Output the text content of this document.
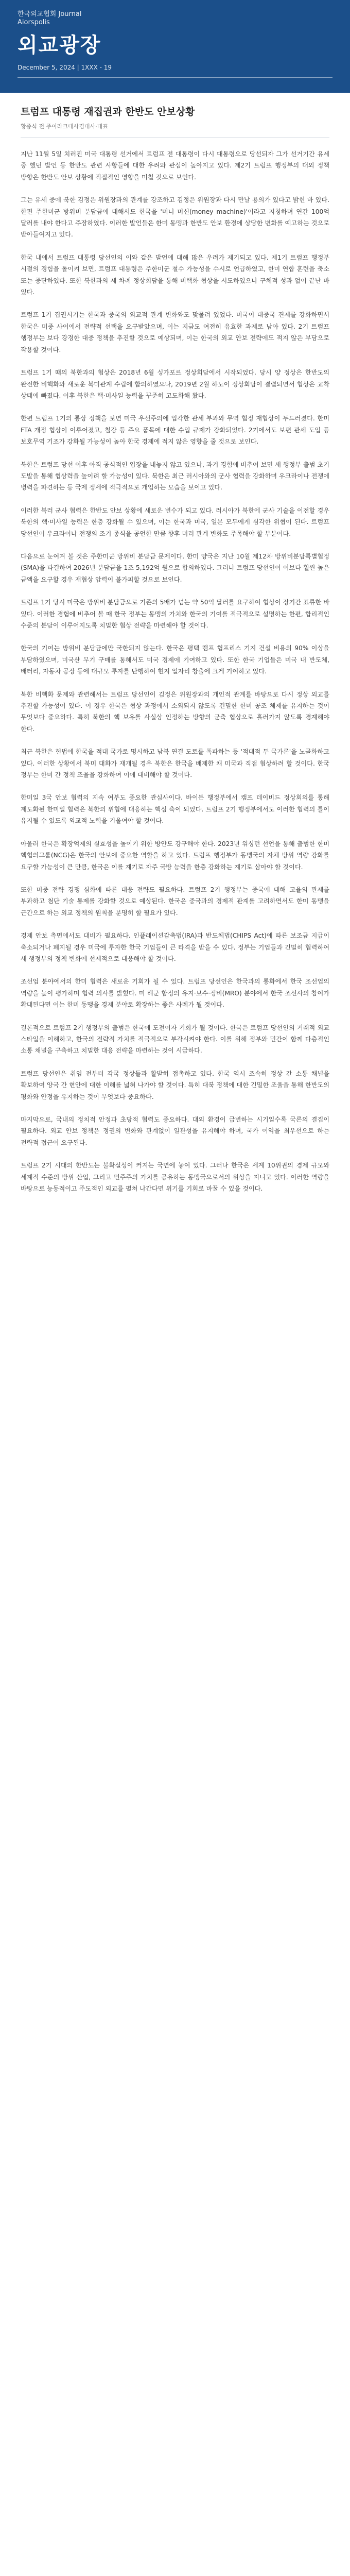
한국외교협회 Journal
Aiorspolis
외교광장
December 5, 2024 | 1XXX - 19
트럼프 대통령 재집권과 한반도 안보상황
황종식 전 주이라크대사겸대사·대표

지난 11월 5일 치러진 미국 대통령 선거에서 트럼프 전 대통령이 다시 대통령으로 당선되자 그가 선거기간 유세 중 했던 발언 등 한반도 관련 사항들에 대한 우려와 관심이 높아지고 있다. 제2기 트럼프 행정부의 대외 정책 방향은 한반도 안보 상황에 직접적인 영향을 미칠 것으로 보인다.

그는 유세 중에 북한 김정은 위원장과의 관계를 강조하고 김정은 위원장과 다시 만날 용의가 있다고 밝힌 바 있다. 한편 주한미군 방위비 분담금에 대해서도 한국을 '머니 머신(money machine)'이라고 지칭하며 연간 100억 달러를 내야 한다고 주장하였다. 이러한 발언들은 한미 동맹과 한반도 안보 환경에 상당한 변화를 예고하는 것으로 받아들여지고 있다.

한국 내에서 트럼프 대통령 당선인의 이와 같은 발언에 대해 많은 우려가 제기되고 있다. 제1기 트럼프 행정부 시절의 경험을 돌이켜 보면, 트럼프 대통령은 주한미군 철수 가능성을 수시로 언급하였고, 한미 연합 훈련을 축소 또는 중단하였다. 또한 북한과의 세 차례 정상회담을 통해 비핵화 협상을 시도하였으나 구체적 성과 없이 끝난 바 있다.

트럼프 1기 집권시기는 한국과 중국의 외교적 관계 변화와도 맞물려 있었다. 미국이 대중국 견제를 강화하면서 한국은 미중 사이에서 전략적 선택을 요구받았으며, 이는 지금도 여전히 유효한 과제로 남아 있다. 2기 트럼프 행정부는 보다 강경한 대중 정책을 추진할 것으로 예상되며, 이는 한국의 외교 안보 전략에도 적지 않은 부담으로 작용할 것이다.

트럼프 1기 때의 북한과의 협상은 2018년 6월 싱가포르 정상회담에서 시작되었다. 당시 양 정상은 한반도의 완전한 비핵화와 새로운 북미관계 수립에 합의하였으나, 2019년 2월 하노이 정상회담이 결렬되면서 협상은 교착 상태에 빠졌다. 이후 북한은 핵·미사일 능력을 꾸준히 고도화해 왔다.

한편 트럼프 1기의 통상 정책을 보면 미국 우선주의에 입각한 관세 부과와 무역 협정 재협상이 두드러졌다. 한미 FTA 개정 협상이 이루어졌고, 철강 등 주요 품목에 대한 수입 규제가 강화되었다. 2기에서도 보편 관세 도입 등 보호무역 기조가 강화될 가능성이 높아 한국 경제에 적지 않은 영향을 줄 것으로 보인다.

북한은 트럼프 당선 이후 아직 공식적인 입장을 내놓지 않고 있으나, 과거 경험에 비추어 보면 새 행정부 출범 초기 도발을 통해 협상력을 높이려 할 가능성이 있다. 북한은 최근 러시아와의 군사 협력을 강화하며 우크라이나 전쟁에 병력을 파견하는 등 국제 정세에 적극적으로 개입하는 모습을 보이고 있다.

이러한 북러 군사 협력은 한반도 안보 상황에 새로운 변수가 되고 있다. 러시아가 북한에 군사 기술을 이전할 경우 북한의 핵·미사일 능력은 한층 강화될 수 있으며, 이는 한국과 미국, 일본 모두에게 심각한 위협이 된다. 트럼프 당선인이 우크라이나 전쟁의 조기 종식을 공언한 만큼 향후 미러 관계 변화도 주목해야 할 부분이다.

다음으로 눈여겨 볼 것은 주한미군 방위비 분담금 문제이다. 한미 양국은 지난 10월 제12차 방위비분담특별협정(SMA)을 타결하여 2026년 분담금을 1조 5,192억 원으로 합의하였다. 그러나 트럼프 당선인이 이보다 훨씬 높은 금액을 요구할 경우 재협상 압력이 불가피할 것으로 보인다.

트럼프 1기 당시 미국은 방위비 분담금으로 기존의 5배가 넘는 약 50억 달러를 요구하여 협상이 장기간 표류한 바 있다. 이러한 경험에 비추어 볼 때 한국 정부는 동맹의 가치와 한국의 기여를 적극적으로 설명하는 한편, 합리적인 수준의 분담이 이루어지도록 치밀한 협상 전략을 마련해야 할 것이다.

한국의 기여는 방위비 분담금에만 국한되지 않는다. 한국은 평택 캠프 험프리스 기지 건설 비용의 90% 이상을 부담하였으며, 미국산 무기 구매를 통해서도 미국 경제에 기여하고 있다. 또한 한국 기업들은 미국 내 반도체, 배터리, 자동차 공장 등에 대규모 투자를 단행하여 현지 일자리 창출에 크게 기여하고 있다.

북한 비핵화 문제와 관련해서는 트럼프 당선인이 김정은 위원장과의 개인적 관계를 바탕으로 다시 정상 외교를 추진할 가능성이 있다. 이 경우 한국은 협상 과정에서 소외되지 않도록 긴밀한 한미 공조 체제를 유지하는 것이 무엇보다 중요하다. 특히 북한의 핵 보유를 사실상 인정하는 방향의 군축 협상으로 흘러가지 않도록 경계해야 한다.

최근 북한은 헌법에 한국을 적대 국가로 명시하고 남북 연결 도로를 폭파하는 등 '적대적 두 국가론'을 노골화하고 있다. 이러한 상황에서 북미 대화가 재개될 경우 북한은 한국을 배제한 채 미국과 직접 협상하려 할 것이다. 한국 정부는 한미 간 정책 조율을 강화하여 이에 대비해야 할 것이다.

한미일 3국 안보 협력의 지속 여부도 중요한 관심사이다. 바이든 행정부에서 캠프 데이비드 정상회의를 통해 제도화된 한미일 협력은 북한의 위협에 대응하는 핵심 축이 되었다. 트럼프 2기 행정부에서도 이러한 협력의 틀이 유지될 수 있도록 외교적 노력을 기울여야 할 것이다.

아울러 한국은 확장억제의 실효성을 높이기 위한 방안도 강구해야 한다. 2023년 워싱턴 선언을 통해 출범한 한미 핵협의그룹(NCG)은 한국의 안보에 중요한 역할을 하고 있다. 트럼프 행정부가 동맹국의 자체 방위 역량 강화를 요구할 가능성이 큰 만큼, 한국은 이를 계기로 자주 국방 능력을 한층 강화하는 계기로 삼아야 할 것이다.

또한 미중 전략 경쟁 심화에 따른 대응 전략도 필요하다. 트럼프 2기 행정부는 중국에 대해 고율의 관세를 부과하고 첨단 기술 통제를 강화할 것으로 예상된다. 한국은 중국과의 경제적 관계를 고려하면서도 한미 동맹을 근간으로 하는 외교 정책의 원칙을 분명히 할 필요가 있다.

경제 안보 측면에서도 대비가 필요하다. 인플레이션감축법(IRA)과 반도체법(CHIPS Act)에 따른 보조금 지급이 축소되거나 폐지될 경우 미국에 투자한 한국 기업들이 큰 타격을 받을 수 있다. 정부는 기업들과 긴밀히 협력하여 새 행정부의 정책 변화에 선제적으로 대응해야 할 것이다.

조선업 분야에서의 한미 협력은 새로운 기회가 될 수 있다. 트럼프 당선인은 한국과의 통화에서 한국 조선업의 역량을 높이 평가하며 협력 의사를 밝혔다. 미 해군 함정의 유지·보수·정비(MRO) 분야에서 한국 조선사의 참여가 확대된다면 이는 한미 동맹을 경제 분야로 확장하는 좋은 사례가 될 것이다.

결론적으로 트럼프 2기 행정부의 출범은 한국에 도전이자 기회가 될 것이다. 한국은 트럼프 당선인의 거래적 외교 스타일을 이해하고, 한국의 전략적 가치를 적극적으로 부각시켜야 한다. 이를 위해 정부와 민간이 함께 다층적인 소통 채널을 구축하고 치밀한 대응 전략을 마련하는 것이 시급하다.

트럼프 당선인은 취임 전부터 각국 정상들과 활발히 접촉하고 있다. 한국 역시 조속히 정상 간 소통 채널을 확보하여 양국 간 현안에 대한 이해를 넓혀 나가야 할 것이다. 특히 대북 정책에 대한 긴밀한 조율을 통해 한반도의 평화와 안정을 유지하는 것이 무엇보다 중요하다.

마지막으로, 국내의 정치적 안정과 초당적 협력도 중요하다. 대외 환경이 급변하는 시기일수록 국론의 결집이 필요하다. 외교 안보 정책은 정권의 변화와 관계없이 일관성을 유지해야 하며, 국가 이익을 최우선으로 하는 전략적 접근이 요구된다.

트럼프 2기 시대의 한반도는 불확실성이 커지는 국면에 놓여 있다. 그러나 한국은 세계 10위권의 경제 규모와 세계적 수준의 방위 산업, 그리고 민주주의 가치를 공유하는 동맹국으로서의 위상을 지니고 있다. 이러한 역량을 바탕으로 능동적이고 주도적인 외교를 펼쳐 나간다면 위기를 기회로 바꿀 수 있을 것이다.
